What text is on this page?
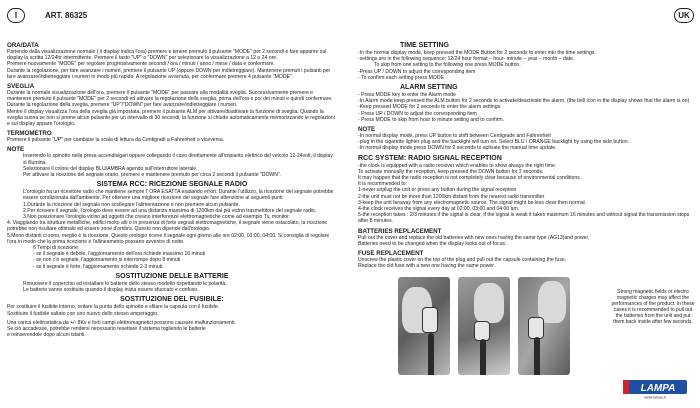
I	ART. 86325	UK
ORA/DATA
Partendo dalla visualizzazione normale ( il display indica l'ora) premere e tenere premuto il pulsante "MODE" per 2 secondi e fare apparire sul display la scritta 12/24hr intermittente. Premere il tasto "UP" o "DOWN" per selezionare la visualizzazione a 12 o 24 ore.
Premere nuovamente "MODE" per regolare progressivamente secondi / ora / minuti / anno / mese / data e confermare.
Durante la regolazione, per fare avanzare i numeri, premere il pulsante UP (oppure DOWN per indietreggiare). Mantenere premuti i pulsanti per fare avanzare/indietreggiare i numeri in modo più rapido. A regolazione avvenuta, per confermare premere 4 pulsante "MODE".
SVEGLIA
Durante la normale visualizzazione dell'ora, premere il pulsante "MODE" per passare alla modalità sveglia. Successivamente premere e mantenere premuto il pulsante "MODE" per 2 secondi ed attivare la regolazione della sveglia, prima dell'ora e poi dei minuti e quindi confermare.
Durante la regolazione della sveglia, premere "UP"/"DOWN" per fare avanzare/indietreggiare i numeri.
Mentre il display visualizza l'ora della sveglia già impostata, premere il pulsante ALM per attivare/disattivare la funzione di sveglia. Quando la sveglia suona se non si preme alcun pulsante per un intervallo di 30 secondi, la funzione si chiude automaticamente memorizzando le regolazioni e sul display appare l'orologio.
TERMOMETRO
Premere il pulsante "UP" per cambiare la scala di lettura da Centigradi a Fahrenheit o viceversa.
NOTE
Inserendo lo spinotto nella presa accendisigari oppure collegando il cavo direttamente all'impianto elettrico del veicolo 12-24volt, il display si illumina.
Selezionare il colore del display BLU/AMBRA agendo sull'interruttore laterale.
Per attivare la ricezione del segnale orario, premere e mantenere premuto per circa 2 secondi il pulsante "DOWN".
SISTEMA RCC: RICEZIONE SEGNALE RADIO
L'orologio ha un ricevitore radio che mantiene sempre l' ORA ESATTA esatando errori. Durante l'utilizzo, la ricezione del segnale potrebbe essere condizionata dall'ambiente. Per ottenere una migliore ricezione del segnale fare attenzione ai seguenti punti:
1.Durante la ricezione del segnale non scollegare l'alimentazione e non premere alcun pulsante.
2.Per ricevere il segnale, l'orologio deve essere ad una distanza massima di 1200km dal più vicino trasmettitore del segnale radio.
3.Non posizionare l'orologio vicino ad oggetti che creano interferenze elettromagnetiche come ad esempio Tv, monitor.
4. Viaggiando tra strutture metalliche, edifici molto alti o in presenza di forte segnali elettromagnetiche, il segnale viene ostacolato, la ricezione potrebbe non risultare ottimale ed essere zone d'ombra. Questo non dipende dall'orologio.
5.Mono distanti ci sono, meglio è la ricezione. Questo orologio riceve il segnale ogni giorno alle ore 02:00, 03:00, 04:00. Si consiglia di regolare l'ora in modo che la prima ricezione e l'allineamento possano avvenire di notte.
6 Tempi di ricezione:
- se il segnale è debole, l'aggiornamento dell'ora richiede massimo 16 minuti
- se non c'è segnale, l'aggiornamento si interrompe dopo 8 minuti
- se il segnale è forte, l'aggiornamento richiede 2-3 minuti.
SOSTITUZIONE DELLE BATTERIE
Rimuovere il coperchio ed installare le batterie dello stesso modello rispettando le polarità.
Le batterie vanno sostituite quando il display inizia essere sfuocato e confuso.
SOSTITUZIONE DEL FUSIBILE:
Per sostituire il fusibile interno, svitare la punta dello spinotto e sfilare la capsula con il fusibile.
Sostituire il fusibile saltato con uno nuovo dello stesso amperaggio.
Una carica elettrostatica da +/- 8Kv e forti campi elettromagnetici possono causare malfunzionamenti.
Se ciò accadesse, potrebbe rendersi necessario resettare il sistema togliendo le batterie
e reinserendole dopo alcuni istanti.
TIME SETTING
-In the normal display mode, keep pressed the MODE Button for 2 seconds to enter into the time settings.
-settings are in the following sequence: 12/24 hour format – hour- minute – year – month – date.
To skip from one setting to the following one press MODE button.
-Press UP / DOWN to adjust the corresponding item
- To confirm each setting press MODE
ALARM SETTING
- Press MODE key to enter the Alarm mode
-In Alarm mode keep pressed the ALM button for 2 seconds to activate/deactivate the alarm. (the bell icon in the display shows that the alarm is on)
-Keep pressed MODE for 2 seconds to enter the alarm settings.
- Press UP / DOWN to adjust the corresponding item
- Press MODE to skip from hour to minute setting and to confirm.
NOTE
-In normal display mode, press UP button to shift between Centigrade and Fahrenheit
-plug in the cigarette lighter plug and the backlight will turn on. Select BLU / ORANGE backlight by using the side button.
-In normal display mode press DOWN for 2 seconds to activate the manual time update.
RCC SYSTEM: RADIO SIGNAL RECEPTION
-the clock is equipped with a radio receiver which enables to show always the right time.
To activate manually the reception, keep pressed the DOWN button for 2 seconds.
It may happen that the radio reception is not completely clear because of environmental conditions.
It is recommended to:
1-never unplug the unit or press any button during the signal reception
2-the unit must not be more than 1200km distant from the nearest radio transmitter
3-keep the unit faraway from any electromagnetic source. The signal might be less clear then normal.
4-the clock receives the signal every day at 02:00, 03:00 and 04:00 am.
5-the reception takes : 2/3 minutes if the signal is clear, if the signal is weak it takes maximum 16 minutes and without signal the transmission stops after 8 minutes.
BATTERIES REPLACEMENT
Pull out the cover and replace the old batteries with new ones having the same type (AG13)and power.
Batteries need to be changed when the display looks out of focus.
FUSE REPLACEMENT
Unscrew the plastic cover on the top of the plug and pull out the capsule containing the fuse.
Replace the old fuse with a new one having the same power.
Strong magnetic fields or electro magnetic charges may affect the performances of the product. In these cases it is recommended to pull out the batteries from the unit and put them back inside after few seconds.
LAMPA
www.lampa.it
